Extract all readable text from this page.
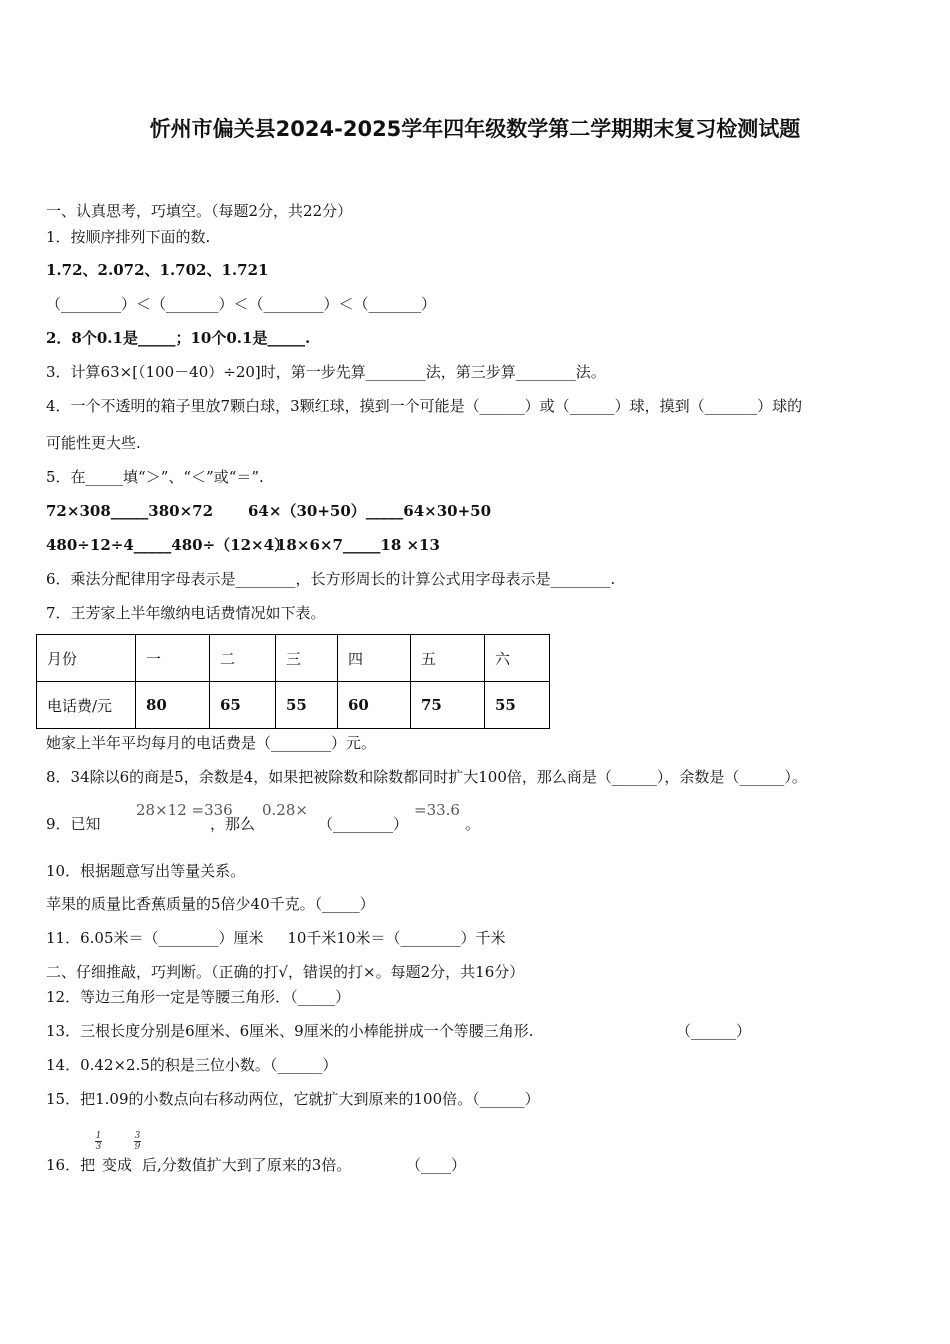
忻州市偏关县2024-2025学年四年级数学第二学期期末复习检测试题
一、认真思考，巧填空。（每题2分，共22分）
1．按顺序排列下面的数.
1.72、2.072、1.702、1.721
（________）＜（_______）＜（________）＜（_______）
2．8个0.1是_____；10个0.1是_____.
3．计算63×[（100－40）÷20]时，第一步先算________法，第三步算________法。
4．一个不透明的箱子里放7颗白球，3颗红球，摸到一个可能是（______）或（______）球，摸到（_______）球的
可能性更大些.
5．在_____填“＞”、“＜”或“＝”.
72×308_____380×72 64×（30+50）_____64×30+50
480÷12÷4_____480÷（12×4）
18×6×7_____18 ×13
6．乘法分配律用字母表示是________，长方形周长的计算公式用字母表示是________.
7．王芳家上半年缴纳电话费情况如下表。
月份	一	二	三	四	五	六
电话费/元	80	65	55	60	75	55
她家上半年平均每月的电话费是（________）元。
8．34除以6的商是5，余数是4，如果把被除数和除数都同时扩大100倍，那么商是（______），余数是（______）。
9．已知
28×12 =336
，那么
0.28×
（________）
=33.6
。
10．根据题意写出等量关系。
苹果的质量比香蕉质量的5倍少40千克。（_____）
11．6.05米＝（________）厘米     10千米10米＝（________）千米
二、仔细推敲，巧判断。（正确的打√，错误的打×。每题2分，共16分）
12．等边三角形一定是等腰三角形．（_____）
13．三根长度分别是6厘米、6厘米、9厘米的小棒能拼成一个等腰三角形.	（______）
14．0.42×2.5的积是三位小数。（______）
15．把1.09的小数点向右移动两位，它就扩大到原来的100倍。（______）
16．把
1
3
变成
3
9
后,分数值扩大到了原来的3倍。	（____）
